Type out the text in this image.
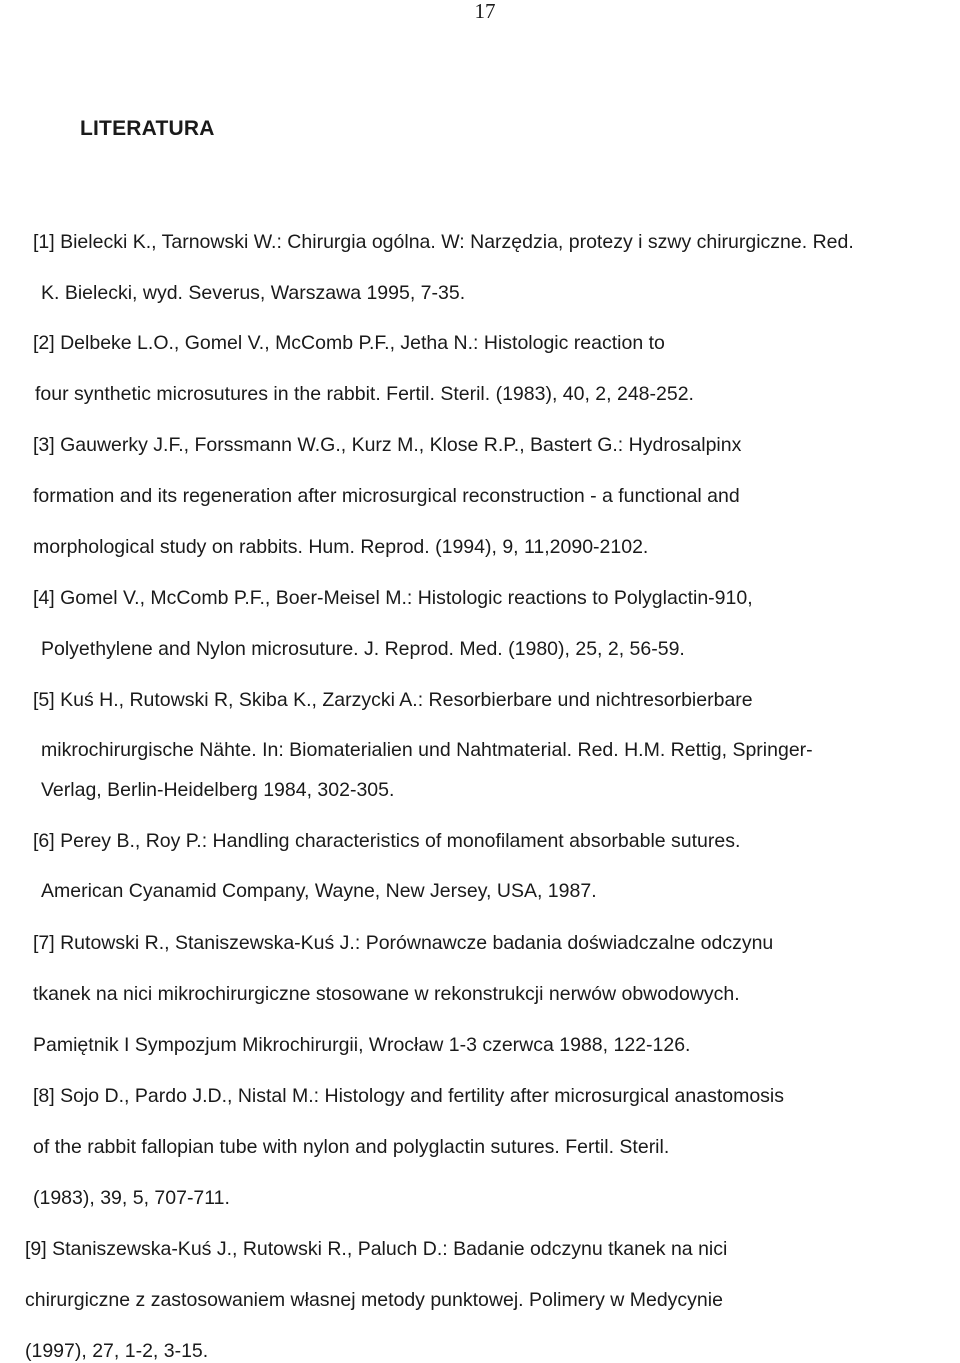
17
LITERATURA

[1] Bielecki K., Tarnowski W.: Chirurgia ogólna. W: Narzędzia, protezy i szwy chirurgiczne. Red.

K. Bielecki, wyd. Severus, Warszawa 1995, 7-35.

[2] Delbeke L.O., Gomel V., McComb P.F., Jetha N.: Histologic reaction to

four synthetic microsutures in the rabbit. Fertil. Steril. (1983), 40, 2, 248-252.

[3] Gauwerky J.F., Forssmann W.G., Kurz M., Klose R.P., Bastert G.: Hydrosalpinx

formation and its regeneration after microsurgical reconstruction - a functional and

morphological study on rabbits. Hum. Reprod. (1994), 9, 11,2090-2102.

[4] Gomel V., McComb P.F., Boer-Meisel M.: Histologic reactions to Polyglactin-910,

Polyethylene and Nylon microsuture. J. Reprod. Med. (1980), 25, 2, 56-59.

[5] Kuś H., Rutowski R, Skiba K., Zarzycki A.: Resorbierbare und nichtresorbierbare

mikrochirurgische Nähte. In: Biomaterialien und Nahtmaterial. Red. H.M. Rettig, Springer-

Verlag, Berlin-Heidelberg 1984, 302-305.

[6] Perey B., Roy P.: Handling characteristics of monofilament absorbable sutures.

American Cyanamid Company, Wayne, New Jersey, USA, 1987.

[7] Rutowski R., Staniszewska-Kuś J.: Porównawcze badania doświadczalne odczynu

tkanek na nici mikrochirurgiczne stosowane w rekonstrukcji nerwów obwodowych.

Pamiętnik I Sympozjum Mikrochirurgii, Wrocław 1-3 czerwca 1988, 122-126.

[8] Sojo D., Pardo J.D., Nistal M.: Histology and fertility after microsurgical anastomosis

of the rabbit fallopian tube with nylon and polyglactin sutures. Fertil. Steril.

(1983), 39, 5, 707-711.

[9] Staniszewska-Kuś J., Rutowski R., Paluch D.: Badanie odczynu tkanek na nici

chirurgiczne z zastosowaniem własnej metody punktowej. Polimery w Medycynie

(1997), 27, 1-2, 3-15.
